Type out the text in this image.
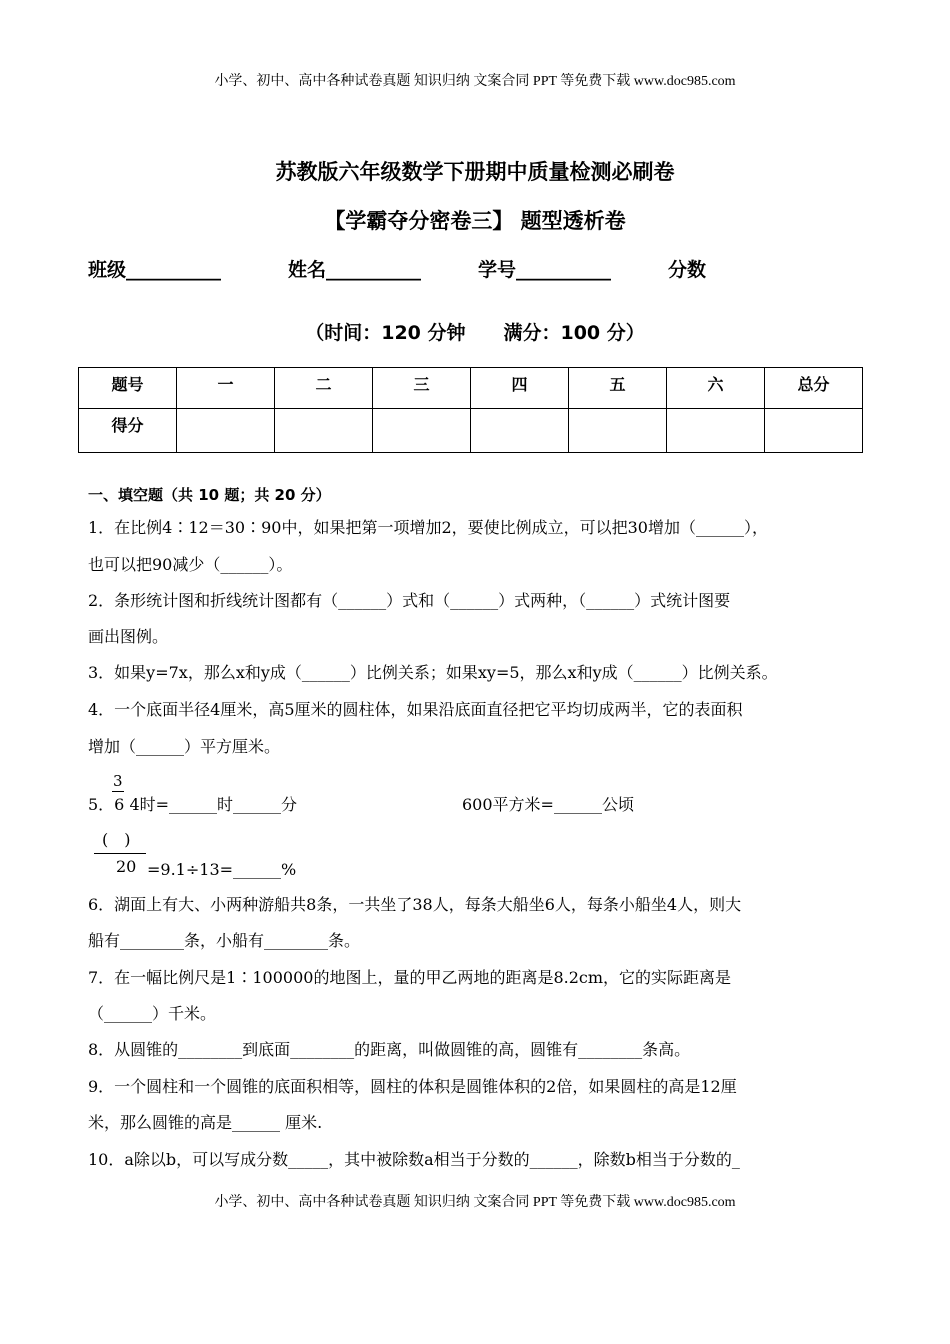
小学、初中、高中各种试卷真题 知识归纳 文案合同 PPT 等免费下载 www.doc985.com
苏教版六年级数学下册期中质量检测必刷卷
【学霸夺分密卷三】 题型透析卷
班级__________	姓名__________	学号__________	分数
（时间：120 分钟　　满分：100 分）
题号	一	二	三	四	五	六	总分
得分							
一、填空题（共 10 题；共 20 分）
1．在比例4∶12＝30∶90中，如果把第一项增加2，要使比例成立，可以把30增加（______），
也可以把90减少（______）。
2．条形统计图和折线统计图都有（______）式和（______）式两种，（______）式统计图要
画出图例。
3．如果y=7x，那么x和y成（______）比例关系；如果xy=5，那么x和y成（______）比例关系。
4．一个底面半径4厘米，高5厘米的圆柱体，如果沿底面直径把它平均切成两半，它的表面积
增加（______）平方厘米。
3
5．6 4时=______时______分	600平方米=______公顷
(　)
20 =9.1÷13=______%
6．湖面上有大、小两种游船共8条，一共坐了38人，每条大船坐6人，每条小船坐4人，则大
船有________条，小船有________条。
7．在一幅比例尺是1∶100000的地图上，量的甲乙两地的距离是8.2cm，它的实际距离是
（______）千米。
8．从圆锥的________到底面________的距离，叫做圆锥的高，圆锥有________条高。
9．一个圆柱和一个圆锥的底面积相等，圆柱的体积是圆锥体积的2倍，如果圆柱的高是12厘
米，那么圆锥的高是______ 厘米.
10．a除以b，可以写成分数_____，其中被除数a相当于分数的______，除数b相当于分数的_
小学、初中、高中各种试卷真题 知识归纳 文案合同 PPT 等免费下载 www.doc985.com
